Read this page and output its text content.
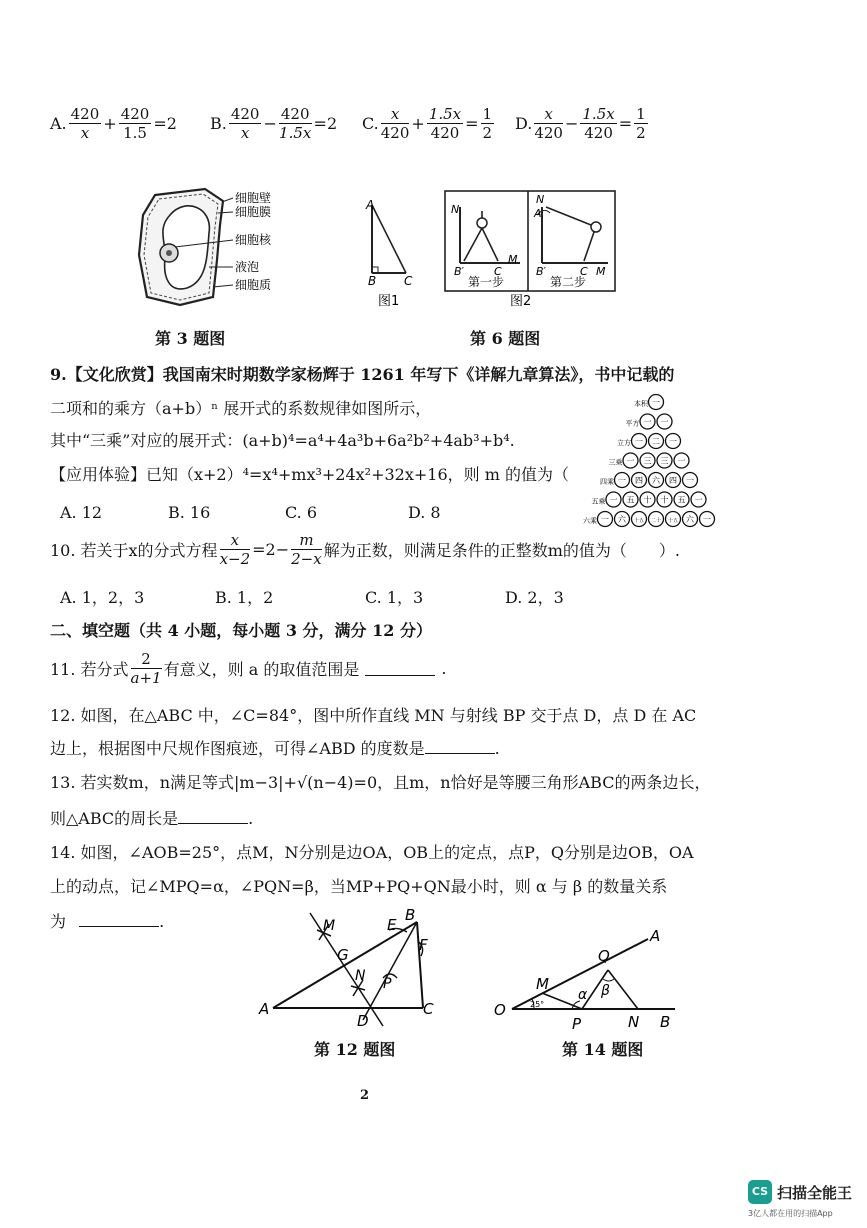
A. $\frac{420}{x} + \frac{420}{1.5} =2$ B. $\frac{420}{x} - \frac{420}{1.5x} =2$ C. $\frac{x}{420} + \frac{1.5x}{420} = \frac{1}{2} D$. $\frac{x}{420} - \frac{1.5x}{420} = \frac{1}{2}$
细胞壁
细胞膜
细胞核
液泡
细胞质
第 3 题图
A
B C
图1
N
B′	C
M
第一步
N
A
B′	C M
第二步
图2
第 6 题图
9.【文化欣赏】我国南宋时期数学家杨辉于 1261 年写下《详解九章算法》，书中记载的
二项和的乘方（a+b）ⁿ 展开式的系数规律如图所示，
其中“三乘”对应的展开式：(a+b)⁴=a⁴+4a³b+6a²b²+4ab³+b⁴.
【应用体验】已知（x+2）⁴=x⁴+mx³+24x²+32x+16，则 m 的值为（
A. 12	B. 16	C. 6	D. 8
本积 一
平方 一 一
立方 一 二 一
三乘 一 三 三 一
四乘 一 四 六 四 一
五乘 一 五 十 十 五 一
六乘 一 六 十五 二十 十五 六 一
10. 若关于x的分式方程 $\frac{x}{x-2} =2- \frac{m}{2-x}$ 解为正数，则满足条件的正整数m的值为（　　）.
A. 1，2，3	B. 1，2	C. 1，3	D. 2，3
二、填空题（共 4 小题，每小题 3 分，满分 12 分）
11. 若分式 $\frac{2}{a+1}$ 有意义，则 a 的取值范围是	.
12. 如图，在△ABC 中，∠C=84°，图中所作直线 MN 与射线 BP 交于点 D，点 D 在 AC
边上，根据图中尺规作图痕迹，可得∠ABD 的度数是	.
13. 若实数m，n满足等式|m−3|+√(n−4)=0，且m，n恰好是等腰三角形ABC的两条边长，
则△ABC的周长是	.
14. 如图，∠AOB=25°，点M，N分别是边OA，OB上的定点，点P，Q分别是边OB，OA
上的动点，记∠MPQ=α，∠PQN=β，当MP+PQ+QN最小时，则 α 与 β 的数量关系
为	.
A
B
C
D
E
F
G
M
N P
第 12 题图
O
A
B
M
N
P
Q
α β
25°
第 14 题图
2
CS 扫描全能王
3亿人都在用的扫描App
